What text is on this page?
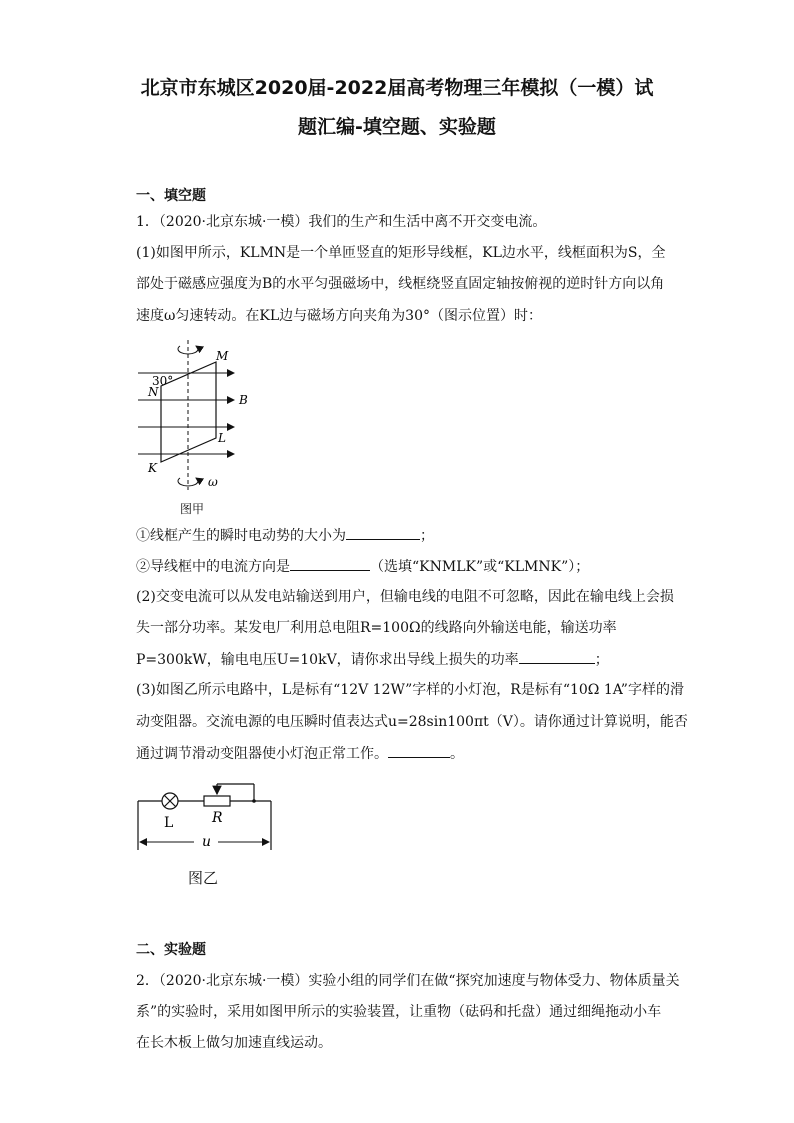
北京市东城区2020届-2022届高考物理三年模拟（一模）试
题汇编-填空题、实验题
一、填空题
1．（2020·北京东城·一模）我们的生产和生活中离不开交变电流。
(1)如图甲所示，KLMN是一个单匝竖直的矩形导线框，KL边水平，线框面积为S，全
部处于磁感应强度为B的水平匀强磁场中，线框绕竖直固定轴按俯视的逆时针方向以角
速度ω匀速转动。在KL边与磁场方向夹角为30°（图示位置）时：
30°
M
N
B
L
K
ω
图甲
①线框产生的瞬时电动势的大小为	；
②导线框中的电流方向是	（选填“KNMLK”或“KLMNK”）；
(2)交变电流可以从发电站输送到用户，但输电线的电阻不可忽略，因此在输电线上会损
失一部分功率。某发电厂利用总电阻R=100Ω的线路向外输送电能，输送功率
P=300kW，输电电压U=10kV，请你求出导线上损失的功率	；
(3)如图乙所示电路中，L是标有“12V 12W”字样的小灯泡，R是标有“10Ω 1A”字样的滑
动变阻器。交流电源的电压瞬时值表达式u=28sin100πt（V）。请你通过计算说明，能否
通过调节滑动变阻器使小灯泡正常工作。	。
L	R
u
图乙
二、实验题
2．（2020·北京东城·一模）实验小组的同学们在做“探究加速度与物体受力、物体质量关
系”的实验时，采用如图甲所示的实验装置，让重物（砝码和托盘）通过细绳拖动小车
在长木板上做匀加速直线运动。
